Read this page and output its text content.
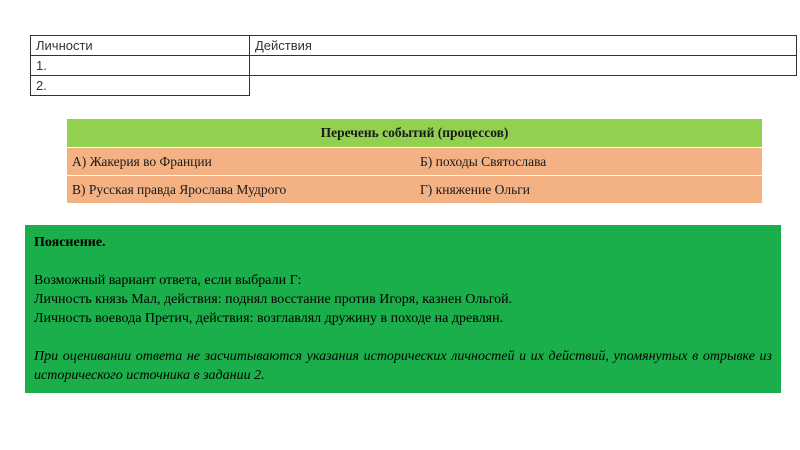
Личности	Действия
1.	
2.	
Перечень событий (процессов)	
А) Жакерия во Франции	Б) походы Святослава
В) Русская правда Ярослава Мудрого	Г) княжение Ольги
Пояснение.
Возможный вариант ответа, если выбрали Г:
Личность князь Мал, действия: поднял восстание против Игоря, казнен Ольгой.
Личность воевода Претич, действия: возглавлял дружину в походе на древлян.
При оценивании ответа не засчитываются указания исторических личностей и их действий, упомянутых в отрывке из исторического источника в задании 2.
